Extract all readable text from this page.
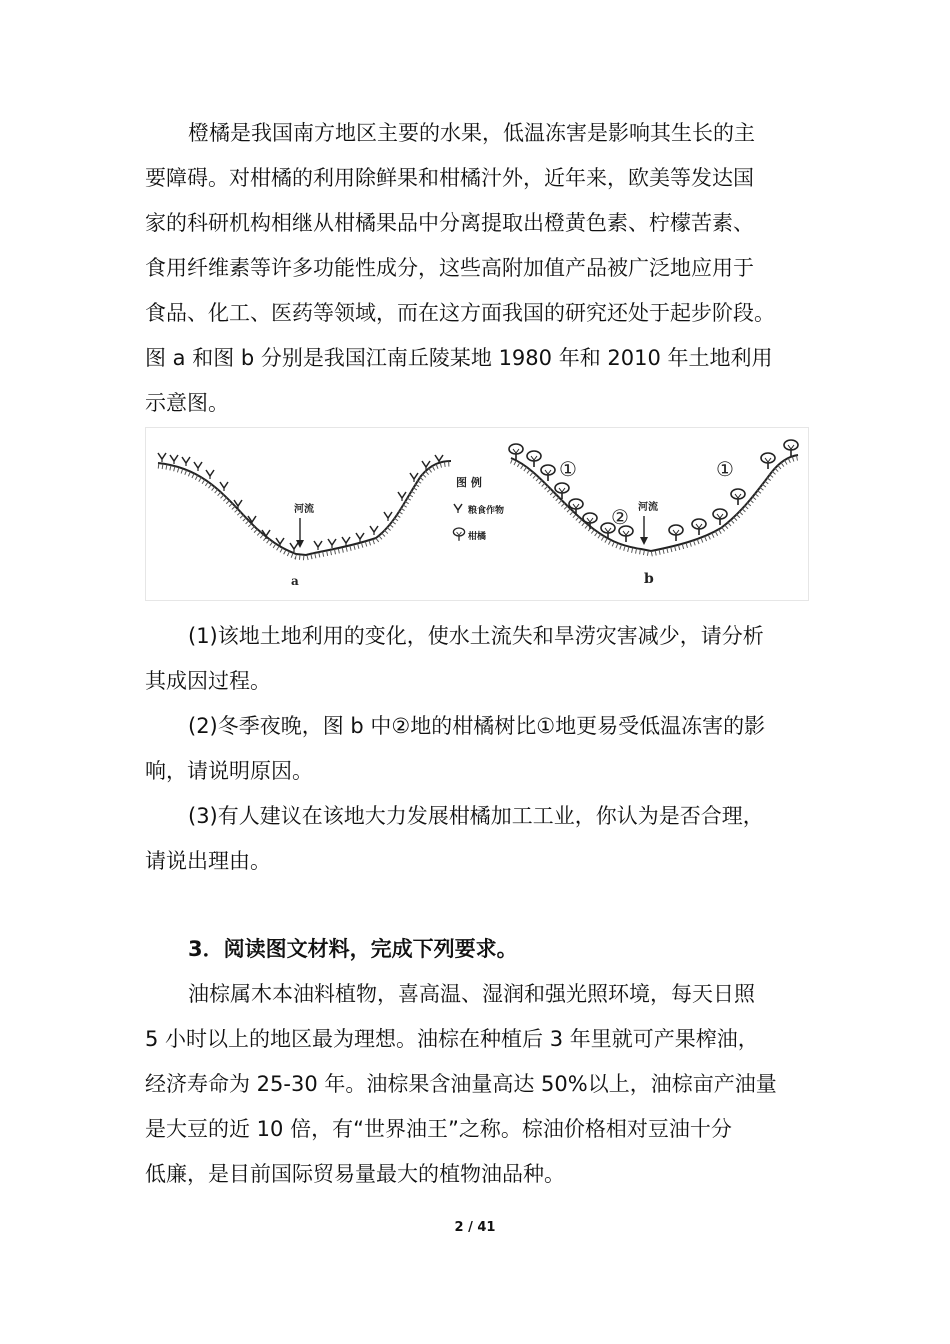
橙橘是我国南方地区主要的水果，低温冻害是影响其生长的主
要障碍。对柑橘的利用除鲜果和柑橘汁外，近年来，欧美等发达国
家的科研机构相继从柑橘果品中分离提取出橙黄色素、柠檬苦素、
食用纤维素等许多功能性成分，这些高附加值产品被广泛地应用于
食品、化工、医药等领域，而在这方面我国的研究还处于起步阶段。
图 a 和图 b 分别是我国江南丘陵某地 1980 年和 2010 年土地利用
示意图。
河流
a
图 例
粮食作物
柑橘
①	①
② 河流
b
(1)该地土地利用的变化，使水土流失和旱涝灾害减少，请分析
其成因过程。
(2)冬季夜晚，图 b 中②地的柑橘树比①地更易受低温冻害的影
响，请说明原因。
(3)有人建议在该地大力发展柑橘加工工业，你认为是否合理，
请说出理由。
3．阅读图文材料，完成下列要求。
油棕属木本油料植物，喜高温、湿润和强光照环境，每天日照
5 小时以上的地区最为理想。油棕在种植后 3 年里就可产果榨油，
经济寿命为 25-30 年。油棕果含油量高达 50%以上，油棕亩产油量
是大豆的近 10 倍，有“世界油王”之称。棕油价格相对豆油十分
低廉，是目前国际贸易量最大的植物油品种。
2 / 41
